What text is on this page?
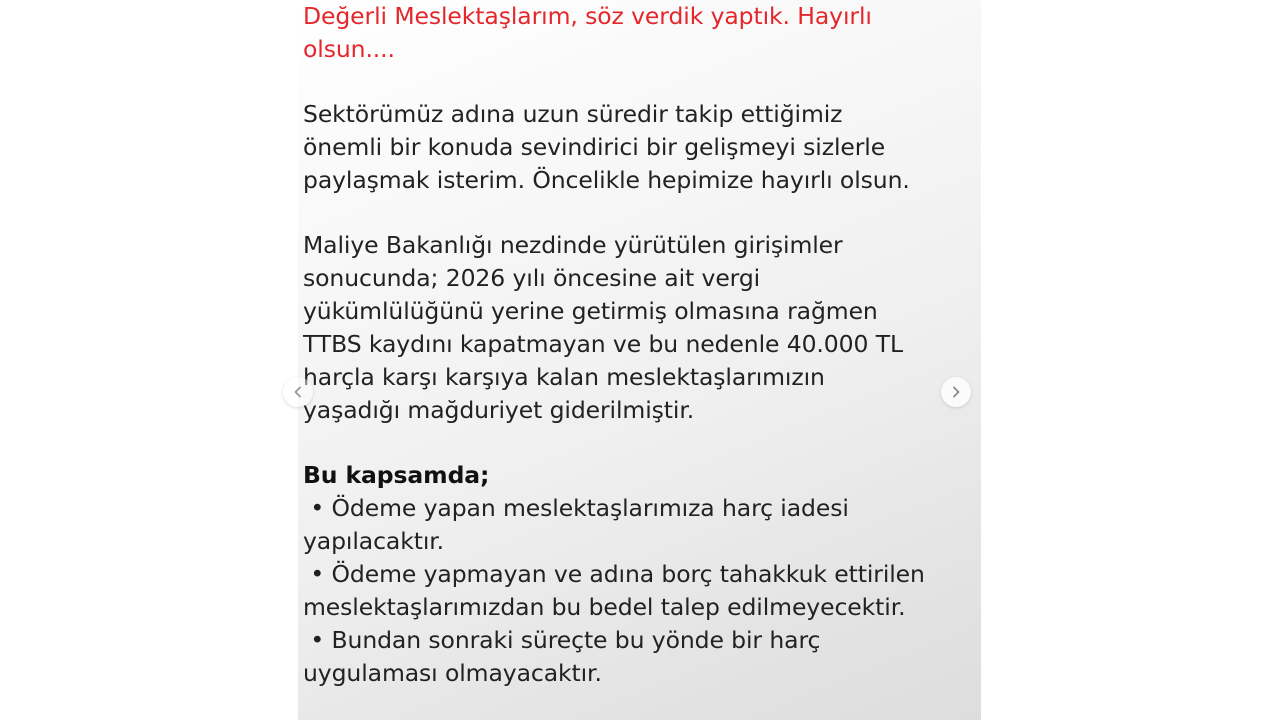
Değerli Meslektaşlarım, söz verdik yaptık. Hayırlı
olsun....
Sektörümüz adına uzun süredir takip ettiğimiz
önemli bir konuda sevindirici bir gelişmeyi sizlerle
paylaşmak isterim. Öncelikle hepimize hayırlı olsun.
Maliye Bakanlığı nezdinde yürütülen girişimler
sonucunda; 2026 yılı öncesine ait vergi
yükümlülüğünü yerine getirmiş olmasına rağmen
TTBS kaydını kapatmayan ve bu nedenle 40.000 TL
harçla karşı karşıya kalan meslektaşlarımızın
yaşadığı mağduriyet giderilmiştir.
Bu kapsamda;
• Ödeme yapan meslektaşlarımıza harç iadesi
yapılacaktır.
• Ödeme yapmayan ve adına borç tahakkuk ettirilen
meslektaşlarımızdan bu bedel talep edilmeyecektir.
• Bundan sonraki süreçte bu yönde bir harç
uygulaması olmayacaktır.
